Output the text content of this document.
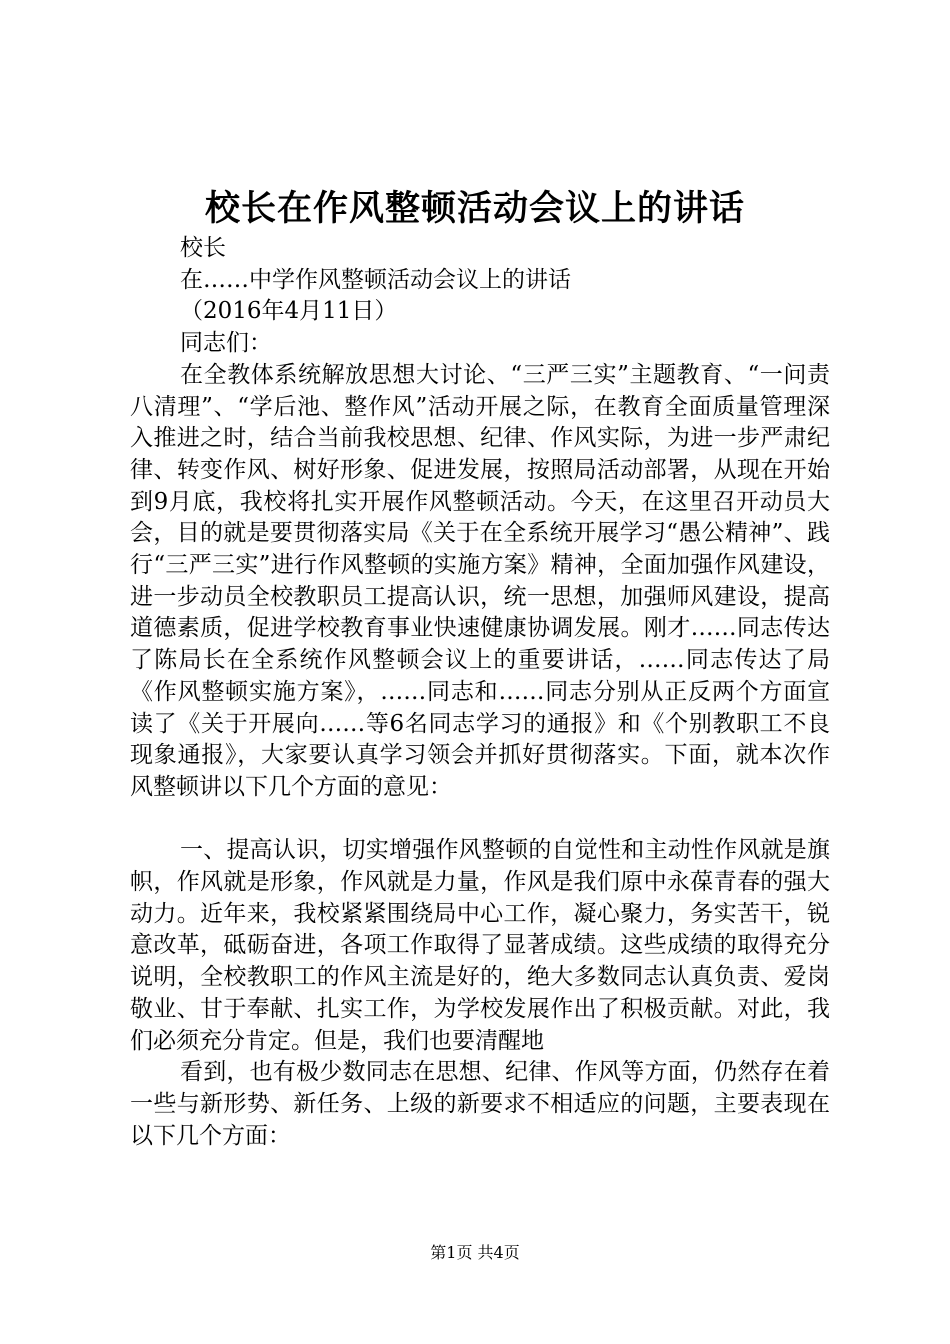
校长在作风整顿活动会议上的讲话

校长

在……中学作风整顿活动会议上的讲话

（2016年4月11日）

同志们：

在全教体系统解放思想大讨论、“三严三实”主题教育、“一问责八清理”、“学后池、整作风”活动开展之际，在教育全面质量管理深入推进之时，结合当前我校思想、纪律、作风实际，为进一步严肃纪律、转变作风、树好形象、促进发展，按照局活动部署，从现在开始到9月底，我校将扎实开展作风整顿活动。今天，在这里召开动员大会，目的就是要贯彻落实局《关于在全系统开展学习“愚公精神”、践行“三严三实”进行作风整顿的实施方案》精神，全面加强作风建设，进一步动员全校教职员工提高认识，统一思想，加强师风建设，提高道德素质，促进学校教育事业快速健康协调发展。刚才……同志传达了陈局长在全系统作风整顿会议上的重要讲话，……同志传达了局《作风整顿实施方案》，……同志和……同志分别从正反两个方面宣读了《关于开展向……等6名同志学习的通报》和《个别教职工不良现象通报》，大家要认真学习领会并抓好贯彻落实。下面，就本次作风整顿讲以下几个方面的意见：

一、提高认识，切实增强作风整顿的自觉性和主动性作风就是旗帜，作风就是形象，作风就是力量，作风是我们原中永葆青春的强大动力。近年来，我校紧紧围绕局中心工作，凝心聚力，务实苦干，锐意改革，砥砺奋进，各项工作取得了显著成绩。这些成绩的取得充分说明，全校教职工的作风主流是好的，绝大多数同志认真负责、爱岗敬业、甘于奉献、扎实工作，为学校发展作出了积极贡献。对此，我们必须充分肯定。但是，我们也要清醒地

看到，也有极少数同志在思想、纪律、作风等方面，仍然存在着一些与新形势、新任务、上级的新要求不相适应的问题，主要表现在以下几个方面：

第1页 共4页
